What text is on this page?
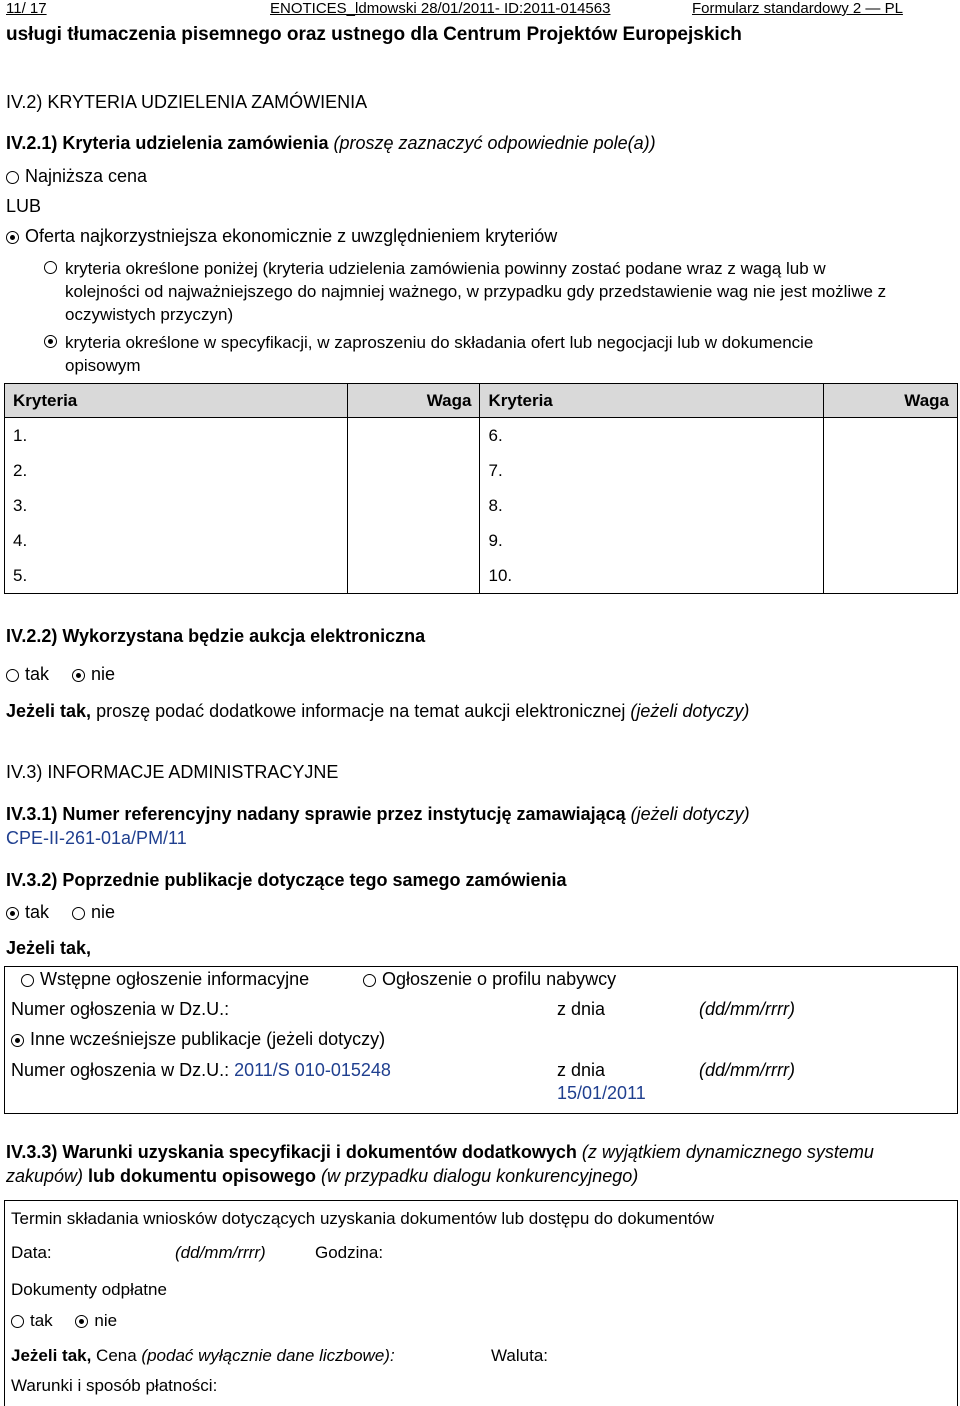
11/ 17	ENOTICES_ldmowski 28/01/2011- ID:2011-014563	Formularz standardowy 2 — PL
usługi tłumaczenia pisemnego oraz ustnego dla Centrum Projektów Europejskich
IV.2) KRYTERIA UDZIELENIA ZAMÓWIENIA
IV.2.1) Kryteria udzielenia zamówienia (proszę zaznaczyć odpowiednie pole(a))
Najniższa cena
LUB
Oferta najkorzystniejsza ekonomicznie z uwzględnieniem kryteriów
kryteria określone poniżej (kryteria udzielenia zamówienia powinny zostać podane wraz z wagą lub w kolejności od najważniejszego do najmniej ważnego, w przypadku gdy przedstawienie wag nie jest możliwe z oczywistych przyczyn)
kryteria określone w specyfikacji, w zaproszeniu do składania ofert lub negocjacji lub w dokumencie opisowym
Kryteria	Waga	Kryteria	Waga
1.		6.	
2.		7.	
3.		8.	
4.		9.	
5.		10.	
IV.2.2) Wykorzystana będzie aukcja elektroniczna
tak nie
Jeżeli tak, proszę podać dodatkowe informacje na temat aukcji elektronicznej (jeżeli dotyczy)
IV.3) INFORMACJE ADMINISTRACYJNE
IV.3.1) Numer referencyjny nadany sprawie przez instytucję zamawiającą (jeżeli dotyczy)
CPE-II-261-01a/PM/11
IV.3.2) Poprzednie publikacje dotyczące tego samego zamówienia
tak nie
Jeżeli tak,
Wstępne ogłoszenie informacyjne	Ogłoszenie o profilu nabywcy
Numer ogłoszenia w Dz.U.:	z dnia	(dd/mm/rrrr)
Inne wcześniejsze publikacje (jeżeli dotyczy)
Numer ogłoszenia w Dz.U.: 2011/S 010-015248	z dnia
15/01/2011
(dd/mm/rrrr)
IV.3.3) Warunki uzyskania specyfikacji i dokumentów dodatkowych (z wyjątkiem dynamicznego systemu zakupów) lub dokumentu opisowego (w przypadku dialogu konkurencyjnego)
Termin składania wniosków dotyczących uzyskania dokumentów lub dostępu do dokumentów
Data:	(dd/mm/rrrr)	Godzina:
Dokumenty odpłatne
tak nie
Jeżeli tak, Cena (podać wyłącznie dane liczbowe):	Waluta:
Warunki i sposób płatności:
